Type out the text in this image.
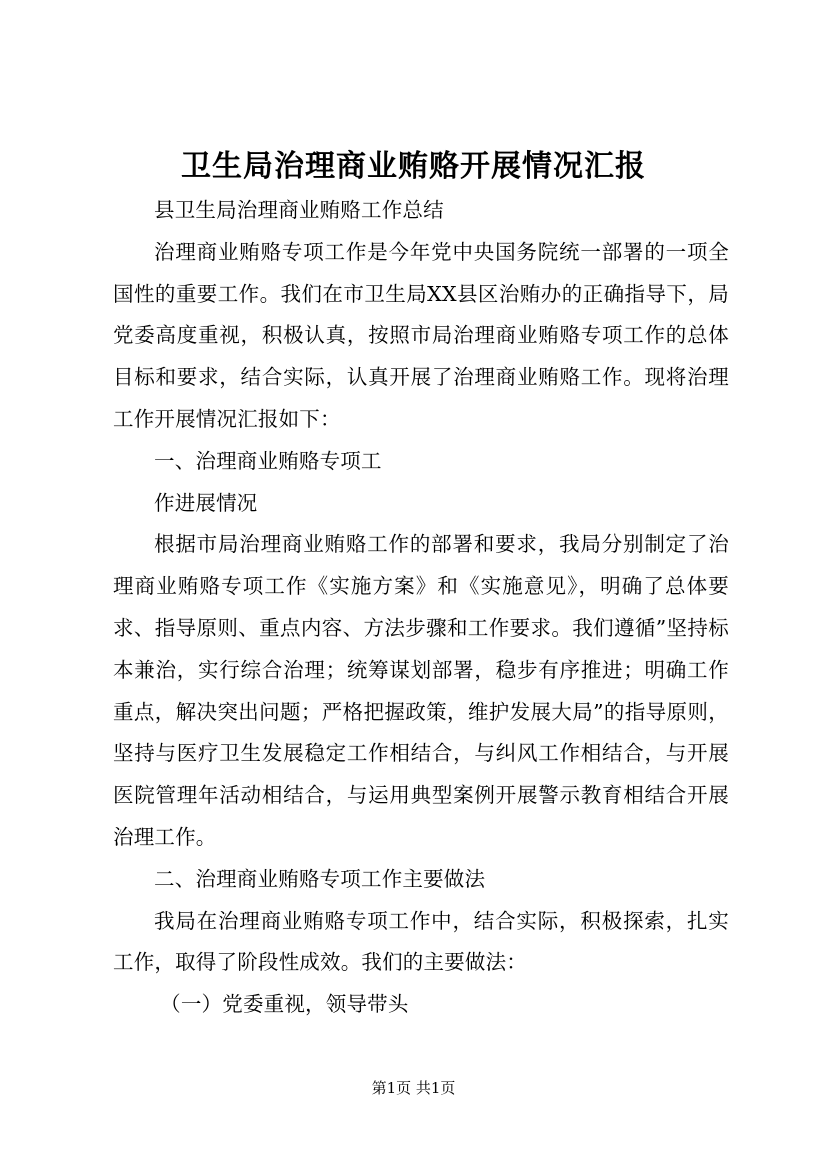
卫生局治理商业贿赂开展情况汇报

县卫生局治理商业贿赂工作总结

治理商业贿赂专项工作是今年党中央国务院统一部署的一项全国性的重要工作。我们在市卫生局XX县区治贿办的正确指导下，局党委高度重视，积极认真，按照市局治理商业贿赂专项工作的总体目标和要求，结合实际，认真开展了治理商业贿赂工作。现将治理工作开展情况汇报如下：

一、治理商业贿赂专项工

作进展情况

根据市局治理商业贿赂工作的部署和要求，我局分别制定了治理商业贿赂专项工作《实施方案》和《实施意见》，明确了总体要求、指导原则、重点内容、方法步骤和工作要求。我们遵循”坚持标本兼治，实行综合治理；统筹谋划部署，稳步有序推进；明确工作重点，解决突出问题；严格把握政策，维护发展大局”的指导原则，坚持与医疗卫生发展稳定工作相结合，与纠风工作相结合，与开展医院管理年活动相结合，与运用典型案例开展警示教育相结合开展治理工作。

二、治理商业贿赂专项工作主要做法

我局在治理商业贿赂专项工作中，结合实际，积极探索，扎实工作，取得了阶段性成效。我们的主要做法：

（一）党委重视，领导带头

第1页 共1页
